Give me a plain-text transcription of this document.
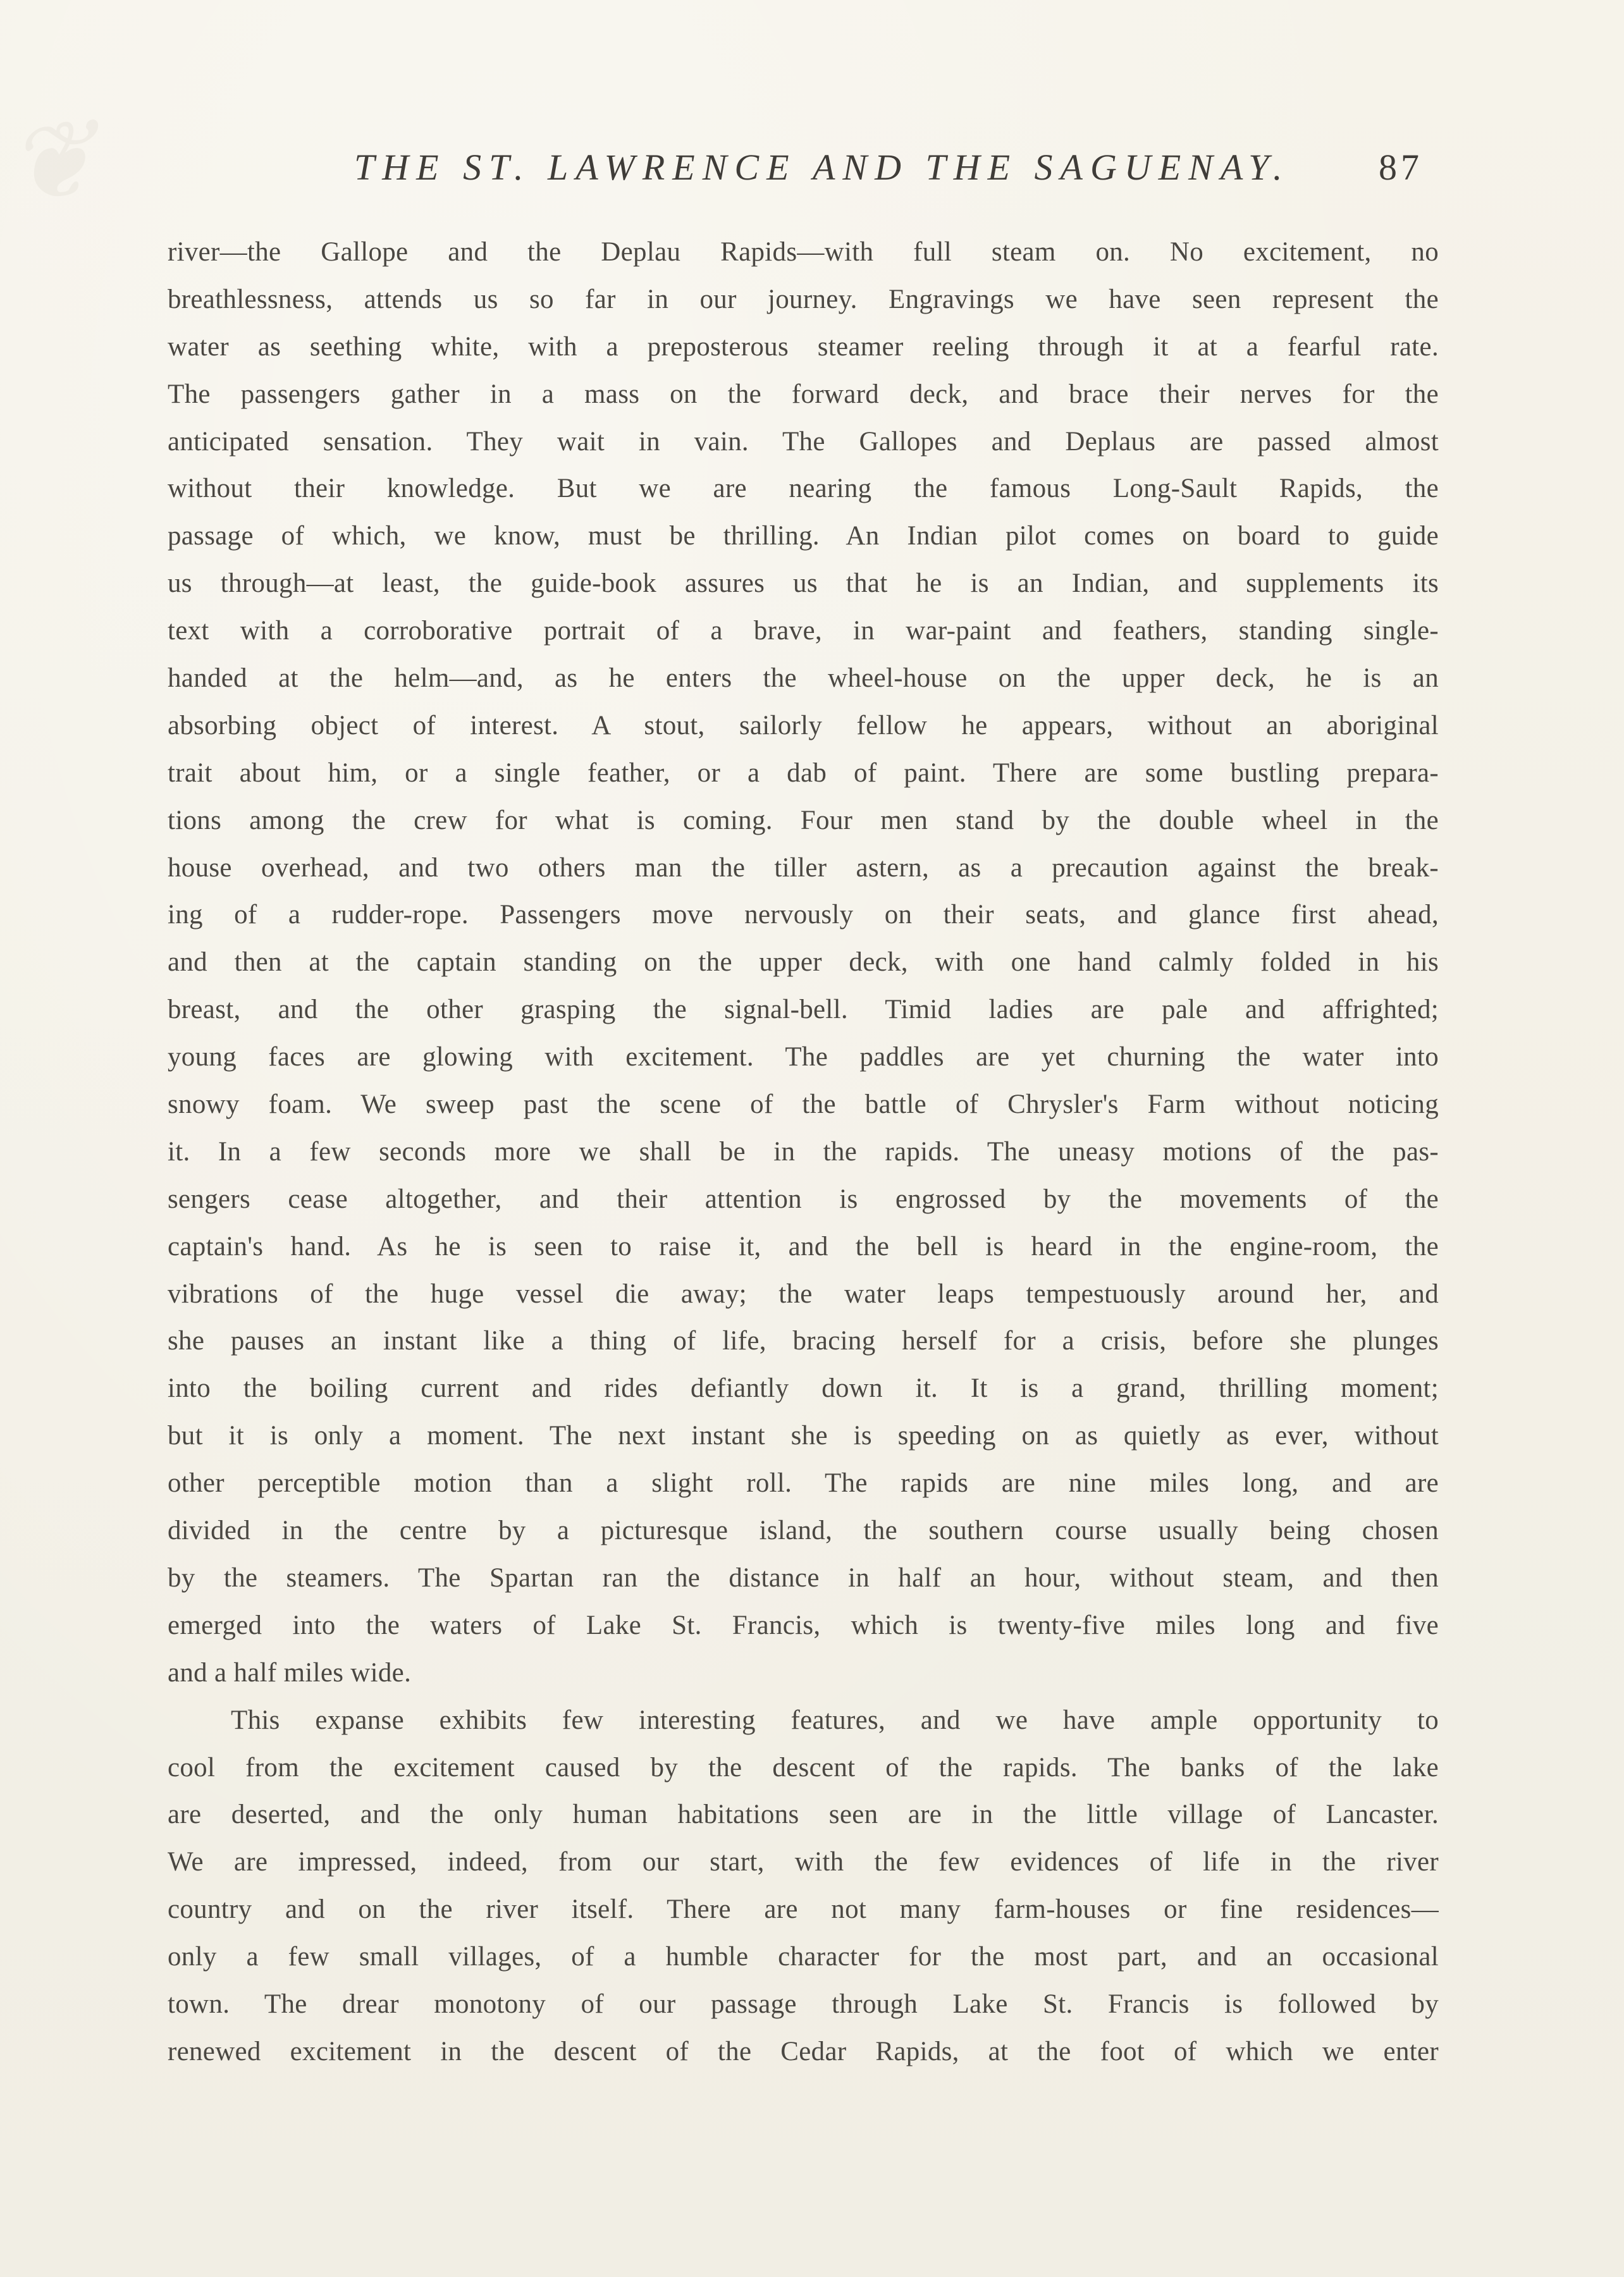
❦	THE ST. LAWRENCE AND THE SAGUENAY.	87
river—the Gallope and the Deplau Rapids—with full steam on. No excitement, no
breathlessness, attends us so far in our journey. Engravings we have seen represent the
water as seething white, with a preposterous steamer reeling through it at a fearful rate.
The passengers gather in a mass on the forward deck, and brace their nerves for the
anticipated sensation. They wait in vain. The Gallopes and Deplaus are passed almost
without their knowledge. But we are nearing the famous Long-Sault Rapids, the
passage of which, we know, must be thrilling. An Indian pilot comes on board to guide
us through—at least, the guide-book assures us that he is an Indian, and supplements its
text with a corroborative portrait of a brave, in war-paint and feathers, standing single-
handed at the helm—and, as he enters the wheel-house on the upper deck, he is an
absorbing object of interest. A stout, sailorly fellow he appears, without an aboriginal
trait about him, or a single feather, or a dab of paint. There are some bustling prepara-
tions among the crew for what is coming. Four men stand by the double wheel in the
house overhead, and two others man the tiller astern, as a precaution against the break-
ing of a rudder-rope. Passengers move nervously on their seats, and glance first ahead,
and then at the captain standing on the upper deck, with one hand calmly folded in his
breast, and the other grasping the signal-bell. Timid ladies are pale and affrighted;
young faces are glowing with excitement. The paddles are yet churning the water into
snowy foam. We sweep past the scene of the battle of Chrysler's Farm without noticing
it. In a few seconds more we shall be in the rapids. The uneasy motions of the pas-
sengers cease altogether, and their attention is engrossed by the movements of the
captain's hand. As he is seen to raise it, and the bell is heard in the engine-room, the
vibrations of the huge vessel die away; the water leaps tempestuously around her, and
she pauses an instant like a thing of life, bracing herself for a crisis, before she plunges
into the boiling current and rides defiantly down it. It is a grand, thrilling moment;
but it is only a moment. The next instant she is speeding on as quietly as ever, without
other perceptible motion than a slight roll. The rapids are nine miles long, and are
divided in the centre by a picturesque island, the southern course usually being chosen
by the steamers. The Spartan ran the distance in half an hour, without steam, and then
emerged into the waters of Lake St. Francis, which is twenty-five miles long and five
and a half miles wide.
This expanse exhibits few interesting features, and we have ample opportunity to
cool from the excitement caused by the descent of the rapids. The banks of the lake
are deserted, and the only human habitations seen are in the little village of Lancaster.
We are impressed, indeed, from our start, with the few evidences of life in the river
country and on the river itself. There are not many farm-houses or fine residences—
only a few small villages, of a humble character for the most part, and an occasional
town. The drear monotony of our passage through Lake St. Francis is followed by
renewed excitement in the descent of the Cedar Rapids, at the foot of which we enter
